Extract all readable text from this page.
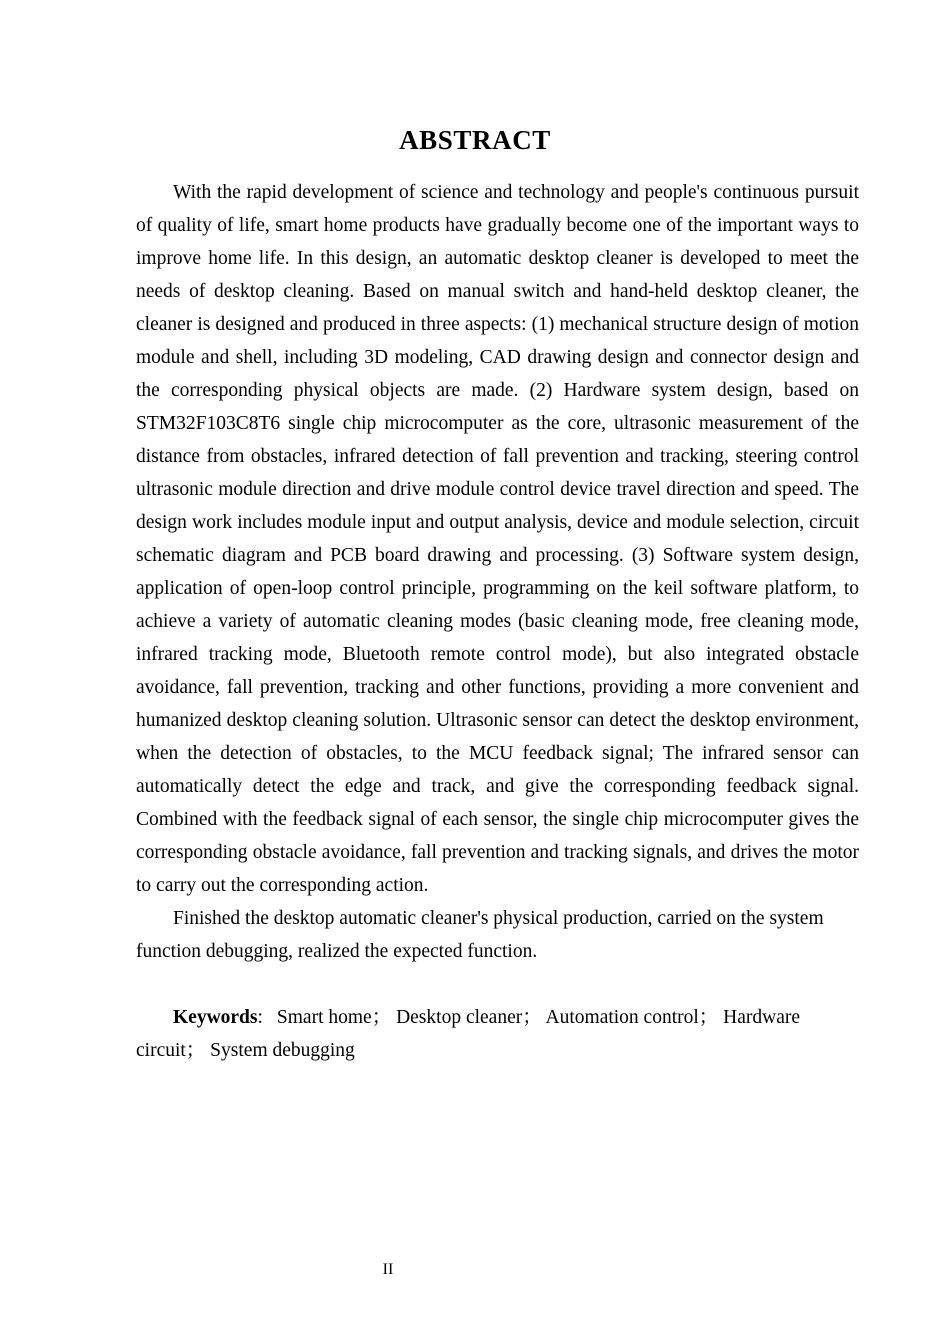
ABSTRACT

With the rapid development of science and technology and people's continuous pursuit of quality of life, smart home products have gradually become one of the important ways to improve home life. In this design, an automatic desktop cleaner is developed to meet the needs of desktop cleaning. Based on manual switch and hand-held desktop cleaner, the cleaner is designed and produced in three aspects: (1) mechanical structure design of motion module and shell, including 3D modeling, CAD drawing design and connector design and the corresponding physical objects are made. (2) Hardware system design, based on STM32F103C8T6 single chip microcomputer as the core, ultrasonic measurement of the distance from obstacles, infrared detection of fall prevention and tracking, steering control ultrasonic module direction and drive module control device travel direction and speed. The design work includes module input and output analysis, device and module selection, circuit schematic diagram and PCB board drawing and processing. (3) Software system design, application of open-loop control principle, programming on the keil software platform, to achieve a variety of automatic cleaning modes (basic cleaning mode, free cleaning mode, infrared tracking mode, Bluetooth remote control mode), but also integrated obstacle avoidance, fall prevention, tracking and other functions, providing a more convenient and humanized desktop cleaning solution. Ultrasonic sensor can detect the desktop environment, when the detection of obstacles, to the MCU feedback signal; The infrared sensor can automatically detect the edge and track, and give the corresponding feedback signal. Combined with the feedback signal of each sensor, the single chip microcomputer gives the corresponding obstacle avoidance, fall prevention and tracking signals, and drives the motor to carry out the corresponding action.

Finished the desktop automatic cleaner's physical production, carried on the system function debugging, realized the expected function.

Keywords: Smart home； Desktop cleaner； Automation control； Hardware circuit； System debugging

II
